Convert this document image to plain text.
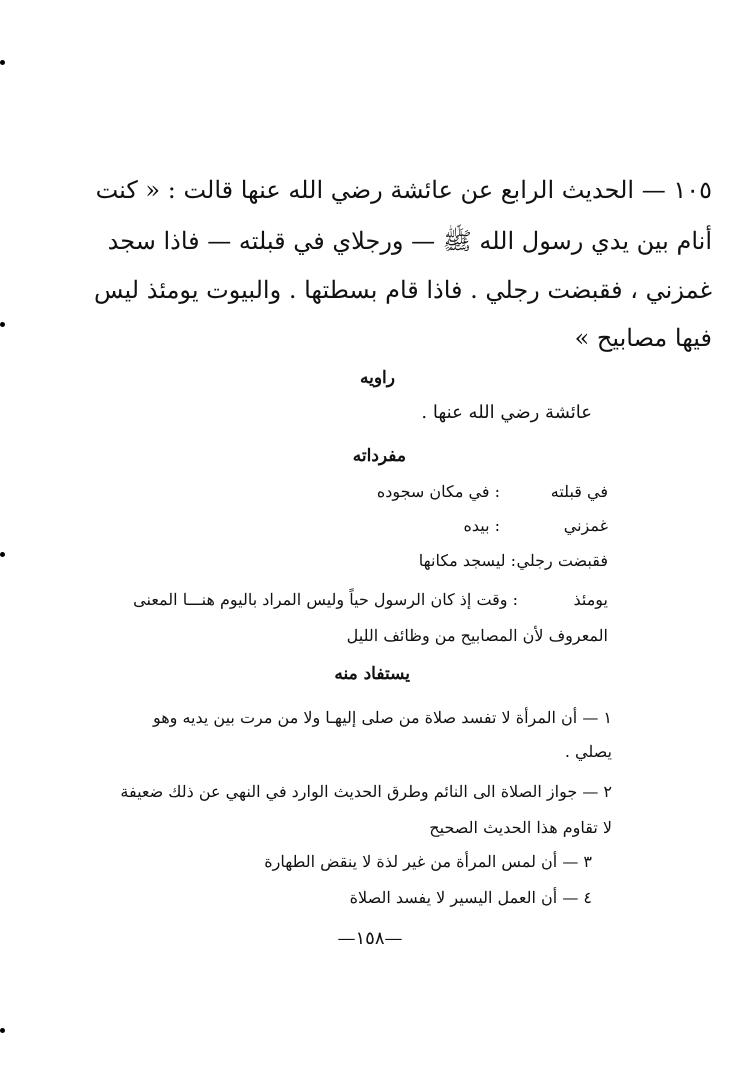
١٠٥ — الحديث الرابع عن عائشة رضي الله عنها قالت : « كنت
أنام بين يدي رسول الله ﷺ — ورجلاي في قبلته — فاذا سجد
غمزني ، فقبضت رجلي . فاذا قام بسطتها . والبيوت يومئذ ليس
فيها مصابيح »
راويه
عائشة رضي الله عنها .
مفرداته
في قبلته
: في مكان سجوده
غمزني
: بيده
فقبضت رجلي
: ليسجد مكانها
يومئذ
: وقت إذ كان الرسول حياً وليس المراد باليوم هنـــا المعنى
المعروف لأن المصابيح من وظائف الليل
يستفاد منه
١ — أن المرأة لا تفسد صلاة من صلى إليهـا ولا من مرت بين يديه وهو
يصلي .
٢ — جواز الصلاة الى النائم وطرق الحديث الوارد في النهي عن ذلك ضعيفة
لا تقاوم هذا الحديث الصحيح
٣ — أن لمس المرأة من غير لذة لا ينقض الطهارة
٤ — أن العمل اليسير لا يفسد الصلاة
—١٥٨—
